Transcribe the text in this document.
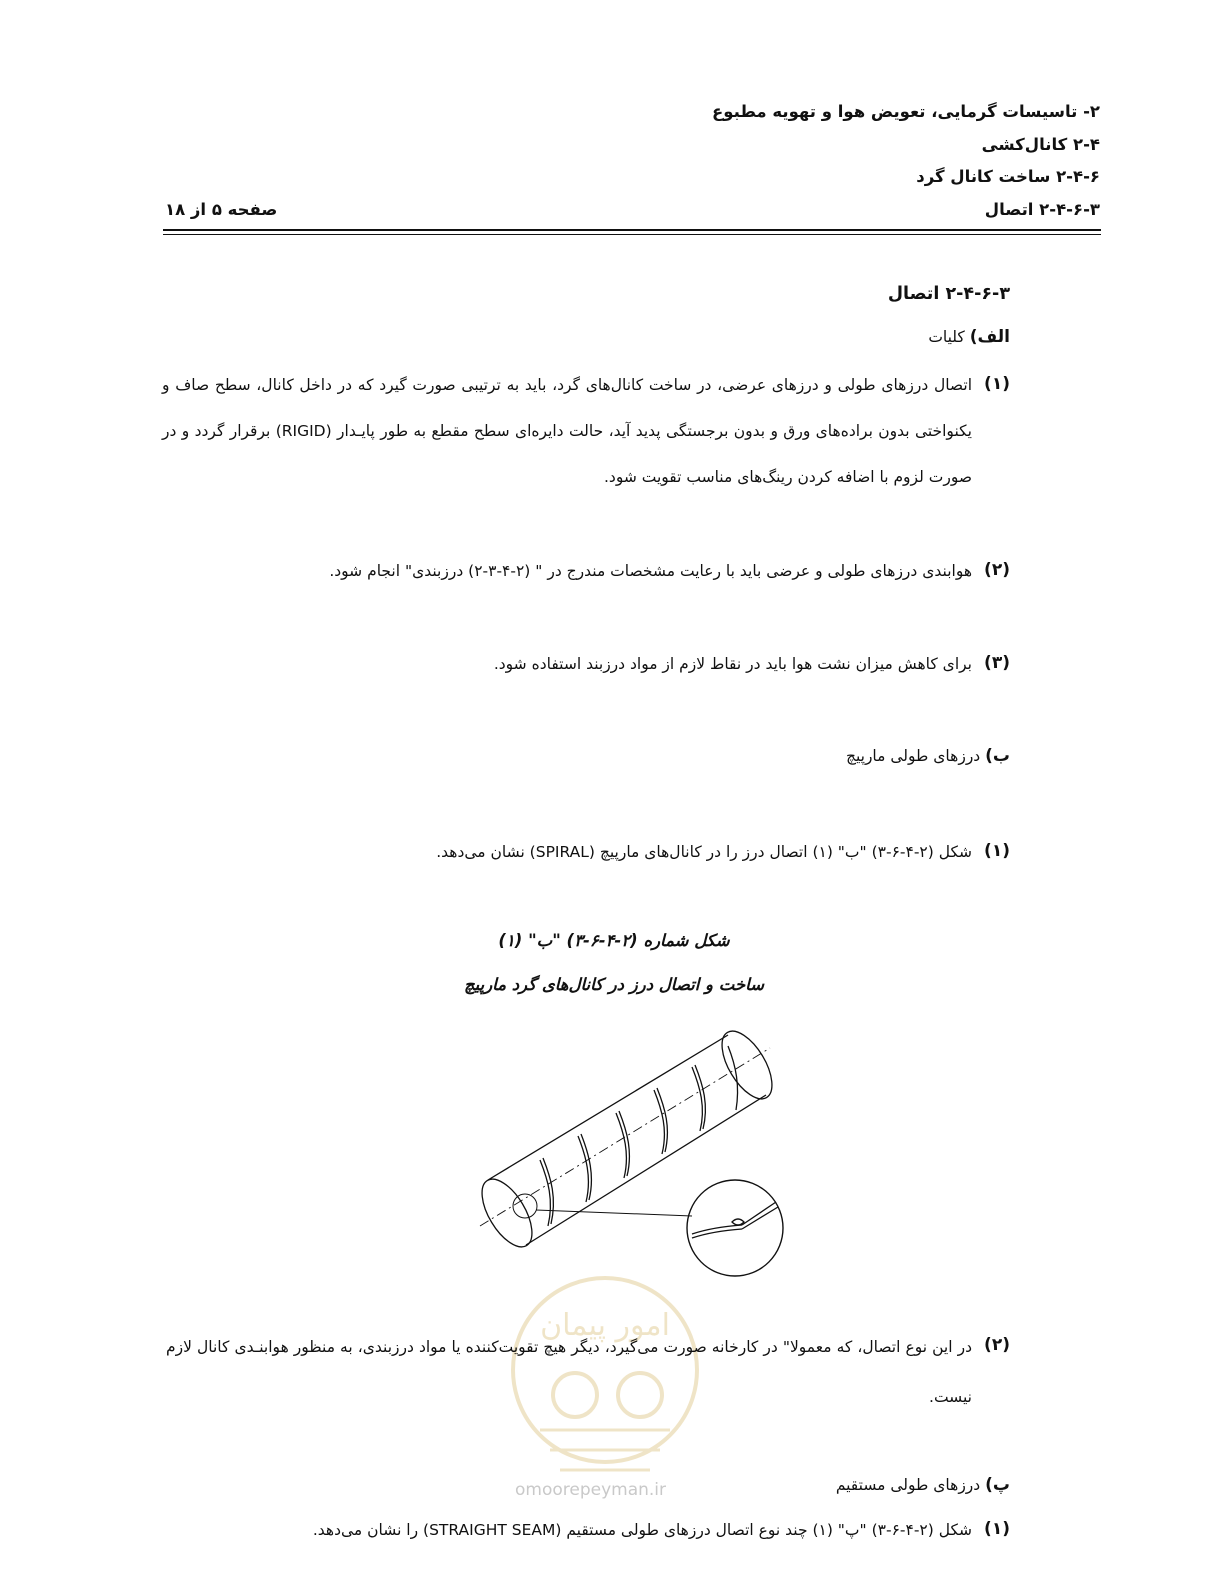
۲- تاسیسات گرمایی، تعویض هوا و تهویه مطبوع
۲-۴ کانال‌کشی
۲-۴-۶ ساخت کانال گرد
۲-۴-۶-۳ اتصال
صفحه ۵ از ۱۸
۲-۴-۶-۳ اتصال
الف) کلیات
(۱)
اتصال درزهای طولی و درزهای عرضی، در ساخت کانال‌های گرد، باید به ترتیبی صورت گیرد که در داخل کانال، سطح صاف و یکنواختی بدون براده‌های ورق و بدون برجستگی پدید آید، حالت دایره‌ای سطح مقطع به طور پایـدار (RIGID) برقرار گردد و در صورت لزوم با اضافه کردن رینگ‌های مناسب تقویت شود.
(۲)
هوابندی درزهای طولی و عرضی باید با رعایت مشخصات مندرج در " (۲-۴-۳-۲) درزبندی" انجام شود.
(۳)
برای کاهش میزان نشت هوا باید در نقاط لازم از مواد درزبند استفاده شود.
ب) درزهای طولی مارپیچ
(۱)
شکل (۲-۴-۶-۳) "ب" (۱) اتصال درز را در کانال‌های مارپیچ (SPIRAL) نشان می‌دهد.
شکل شماره (۲-۴-۶-۳) "ب" (۱)
ساخت و اتصال درز در کانال‌های گرد مارپیچ
امور پیمان
omoorepeyman.ir
(۲)
در این نوع اتصال، که معمولا" در کارخانه صورت می‌گیرد، دیگر هیچ تقویت‌کننده یا مواد درزبندی، به منظور هوابنـدی کانال لازم نیست.
پ) درزهای طولی مستقیم
(۱)
شکل (۲-۴-۶-۳) "پ" (۱) چند نوع اتصال درزهای طولی مستقیم (STRAIGHT SEAM) را نشان می‌دهد.
